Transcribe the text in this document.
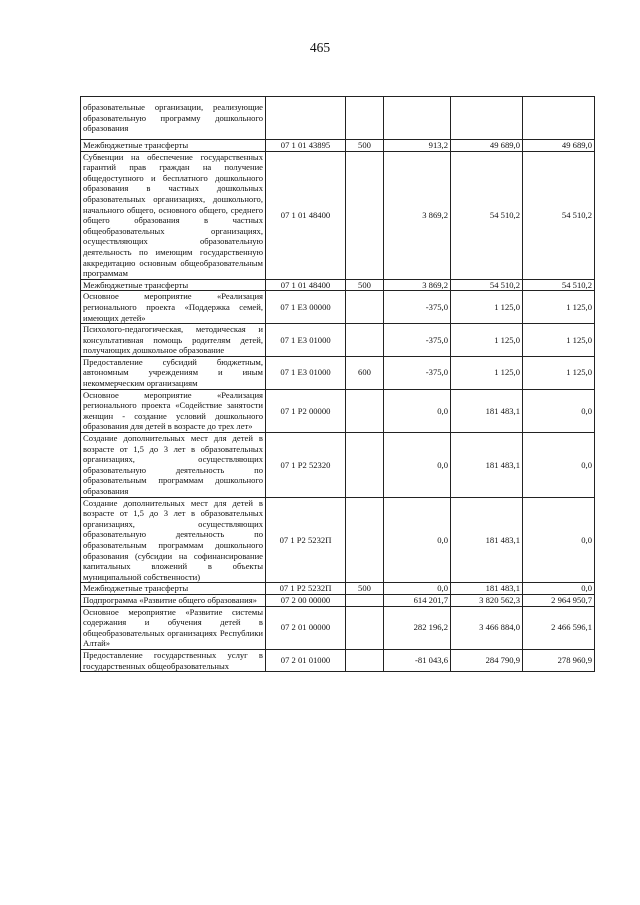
465
образовательные организации, реализующие образовательную программу дошкольного образования					
Межбюджетные трансферты	07 1 01 43895	500	913,2	49 689,0	49 689,0
Субвенции на обеспечение государственных гарантий прав граждан на получение общедоступного и бесплатного дошкольного образования в частных дошкольных образовательных организациях, дошкольного, начального общего, основного общего, среднего общего образования в частных общеобразовательных организациях, осуществляющих образовательную деятельность по имеющим государственную аккредитацию основным общеобразовательным программам	07 1 01 48400		3 869,2	54 510,2	54 510,2
Межбюджетные трансферты	07 1 01 48400	500	3 869,2	54 510,2	54 510,2
Основное мероприятие «Реализация регионального проекта «Поддержка семей, имеющих детей»	07 1 E3 00000		-375,0	1 125,0	1 125,0
Психолого-педагогическая, методическая и консультативная помощь родителям детей, получающих дошкольное образование	07 1 E3 01000		-375,0	1 125,0	1 125,0
Предоставление субсидий бюджетным, автономным учреждениям и иным некоммерческим организациям	07 1 E3 01000	600	-375,0	1 125,0	1 125,0
Основное мероприятие «Реализация регионального проекта «Содействие занятости женщин - создание условий дошкольного образования для детей в возрасте до трех лет»	07 1 P2 00000		0,0	181 483,1	0,0
Создание дополнительных мест для детей в возрасте от 1,5 до 3 лет в образовательных организациях, осуществляющих образовательную деятельность по образовательным программам дошкольного образования	07 1 P2 52320		0,0	181 483,1	0,0
Создание дополнительных мест для детей в возрасте от 1,5 до 3 лет в образовательных организациях, осуществляющих образовательную деятельность по образовательным программам дошкольного образования (субсидии на софинансирование капитальных вложений в объекты муниципальной собственности)	07 1 P2 5232П		0,0	181 483,1	0,0
Межбюджетные трансферты	07 1 P2 5232П	500	0,0	181 483,1	0,0
Подпрограмма «Развитие общего образования»	07 2 00 00000		614 201,7	3 820 562,3	2 964 950,7
Основное мероприятие «Развитие системы содержания и обучения детей в общеобразовательных организациях Республики Алтай»	07 2 01 00000		282 196,2	3 466 884,0	2 466 596,1
Предоставление государственных услуг в государственных общеобразовательных	07 2 01 01000		-81 043,6	284 790,9	278 960,9
